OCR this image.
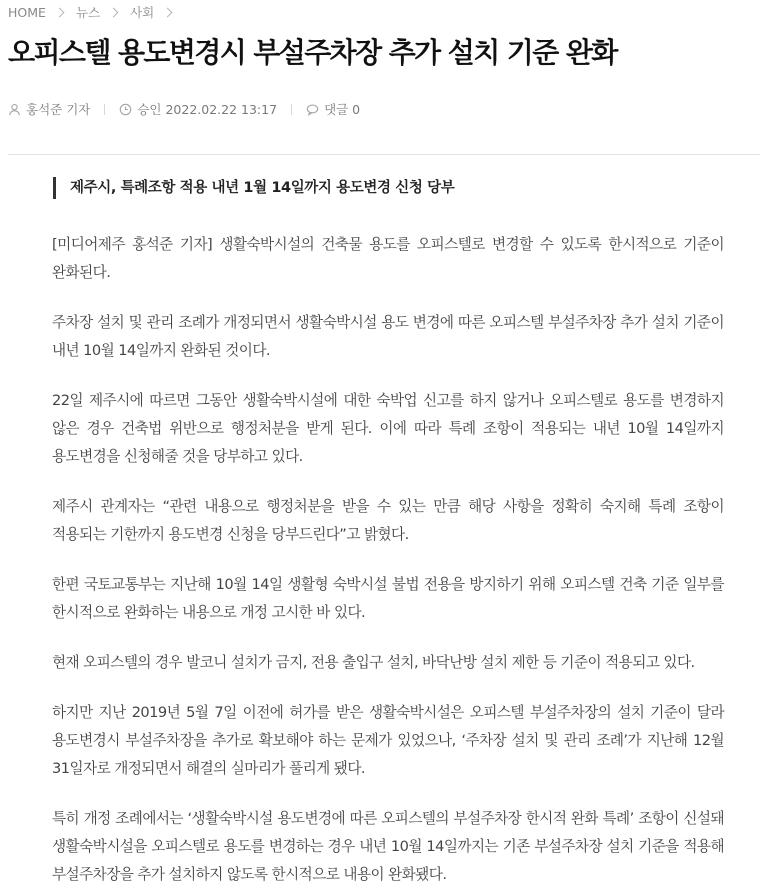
HOME 뉴스 사회
오피스텔 용도변경시 부설주차장 추가 설치 기준 완화
홍석준 기자	승인 2022.02.22 13:17	댓글 0
제주시, 특례조항 적용 내년 1월 14일까지 용도변경 신청 당부

[미디어제주 홍석준 기자] 생활숙박시설의 건축물 용도를 오피스텔로 변경할 수 있도록 한시적으로 기준이 완화된다.

주차장 설치 및 관리 조례가 개정되면서 생활숙박시설 용도 변경에 따른 오피스텔 부설주차장 추가 설치 기준이 내년 10월 14일까지 완화된 것이다.

22일 제주시에 따르면 그동안 생활숙박시설에 대한 숙박업 신고를 하지 않거나 오피스텔로 용도를 변경하지 않은 경우 건축법 위반으로 행정처분을 받게 된다. 이에 따라 특례 조항이 적용되는 내년 10월 14일까지 용도변경을 신청해줄 것을 당부하고 있다.

제주시 관계자는 “관련 내용으로 행정처분을 받을 수 있는 만큼 해당 사항을 정확히 숙지해 특례 조항이 적용되는 기한까지 용도변경 신청을 당부드린다”고 밝혔다.

한편 국토교통부는 지난해 10월 14일 생활형 숙박시설 불법 전용을 방지하기 위해 오피스텔 건축 기준 일부를 한시적으로 완화하는 내용으로 개정 고시한 바 있다.

현재 오피스텔의 경우 발코니 설치가 금지, 전용 출입구 설치, 바닥난방 설치 제한 등 기준이 적용되고 있다.

하지만 지난 2019년 5월 7일 이전에 허가를 받은 생활숙박시설은 오피스텔 부설주차장의 설치 기준이 달라 용도변경시 부설주차장을 추가로 확보해야 하는 문제가 있었으나, ‘주차장 설치 및 관리 조례’가 지난해 12월 31일자로 개정되면서 해결의 실마리가 풀리게 됐다.

특히 개정 조례에서는 ‘생활숙박시설 용도변경에 따른 오피스텔의 부설주차장 한시적 완화 특례’ 조항이 신설돼 생활숙박시설을 오피스텔로 용도를 변경하는 경우 내년 10월 14일까지는 기존 부설주차장 설치 기준을 적용해 부설주차장을 추가 설치하지 않도록 한시적으로 내용이 완화됐다.
